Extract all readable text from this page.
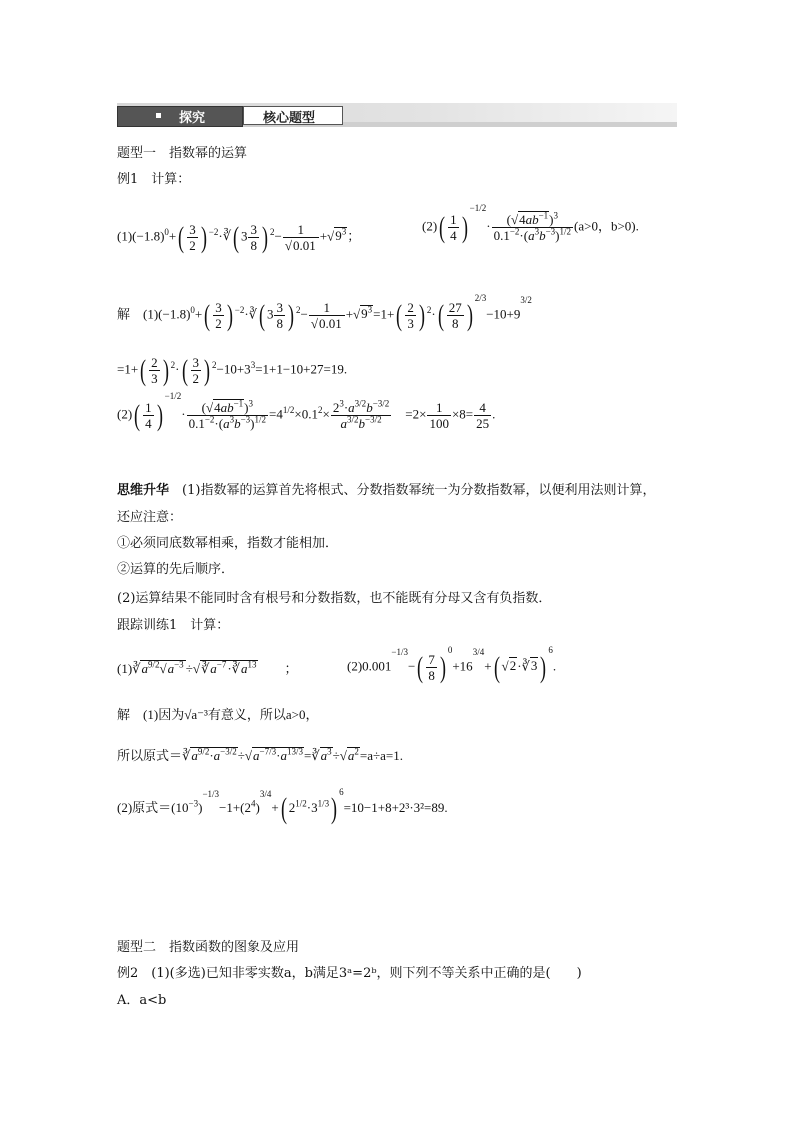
探究	核心题型
题型一　指数幂的运算
例1　计算：
$(1)(-1.8)^0+( \frac{3}{2}$ ) $^{-2}$·∛( $3 \frac{3}{8}$ ) $^2- \frac{1}{√0.01} +√9^3$；
$(2)( \frac{1}{4} )^{-1/2}\cdot \frac{(√4ab^{-1})^3}{0.1^{-2}\cdot(a^3b^{-3})^{1/2}} (a>0$，b>0).
解　$(1)(-1.8)^0+( \frac{3}{2}$ ) $^{-2}$·∛( $3 \frac{3}{8}$ ) $^2- \frac{1}{√0.01} +√9^3=1+( \frac{2}{3}$ ) $^2\cdot( \frac{27}{8} )^{2/3}-10+9^{3/2}$
$=1+( \frac{2}{3}$ ) $^2\cdot( \frac{3}{2}$ ) $^2-10+3^3=1+1-10+27=19$.
$(2)( \frac{1}{4} )^{-1/2}\cdot \frac{(√4ab^{-1})^3}{0.1^{-2}\cdot(a^3b^{-3})^{1/2}} =4^{1/2}\times 0.1^2\times \frac{2^3\cdot a^{3/2}b^{-3/2}}{a^{3/2}b^{-3/2}}$ 　$=2\times \frac{1}{100} \times 8= \frac{4}{25}$ .
思维升华　 (1)指数幂的运算首先将根式、分数指数幂统一为分数指数幂，以便利用法则计算，
还应注意：
①必须同底数幂相乘，指数才能相加．
②运算的先后顺序．
(2)运算结果不能同时含有根号和分数指数，也不能既有分母又含有负指数．
跟踪训练1　计算：
$(1)∛a^{9/2}√a^{-3}$ $\div√∛a^{-7}\cdot∛a^{13}$　　；	$(2)0.001^{-1/3}-( \frac{7}{8} )^0+16^{3/4}+$( √2·∛3 )$^6$.
解　 (1)因为√a⁻³有意义，所以a>0，
所以原式$=∛a^{9/2}\cdot a^{-3/2}\div√a^{-7/3}\cdot a^{13/3}=∛a^3\div√a^2=a\div a=1$.
(2)原式$=(10^{-3})^{-1/3}-1+(2^4)^{3/4}+$( $2^{1/2}\cdot 3^{1/3})^6=10-1+8+2^3\cdot 3^2=89$.
题型二　指数函数的图象及应用
例2　(1)(多选)已知非零实数a，b满足3ᵃ=2ᵇ，则下列不等关系中正确的是(　　)
A．a<b
